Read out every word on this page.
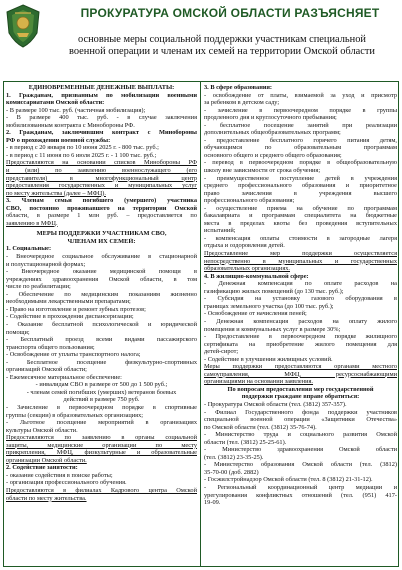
ПРОКУРАТУРА ОМСКОЙ ОБЛАСТИ РАЗЪЯСНЯЕТ
основные меры социальной поддержки участникам специальной
военной операции и членам их семей на территории Омской области
ЕДИНОВРЕМЕННЫЕ ДЕНЕЖНЫЕ ВЫПЛАТЫ:
1. Гражданам, призванным по мобилизации военными
комиссариатами Омской области:
- В размере 100 тыс. руб. (частичная мобилизация);
- В размере 400 тыс. руб. - в случае заключения
мобилизованным контракта с Минобороны РФ.
2. Гражданам, заключившим контракт с Минобороны
РФ о прохождении военной службы:
- в период с 20 января по 10 июня 2025 г. - 800 тыс. руб.;
- в период с 11 июня по 6 июля 2025 г. - 1 100 тыс. руб.;
Предоставляются на основании списков Минобороны РФ
и (или) по заявлению военнослужащего (его
представителя) в многофункциональный центр
предоставления государственных и муниципальных услуг
по месту жительства (далее – МФЦ).
3. Членам семьи погибшего (умершего) участника
СВО, постоянно проживавшего на территории Омской
области, в размере 1 млн руб. – предоставляется по
заявлению в МФЦ.
МЕРЫ ПОДДЕРЖКИ УЧАСТНИКАМ СВО,
ЧЛЕНАМ ИХ СЕМЕЙ:
1. Социальные:
- Внеочередное социальное обслуживание в стационарной
и полустационарной формах;
- Внеочередное оказание медицинской помощи в
учреждениях здравоохранения Омской области, в том
числе по реабилитации;
- Обеспечение по медицинским показаниям жизненно
необходимыми лекарственными препаратами;
- Право на изготовление и ремонт зубных протезов;
- Содействие в прохождении диспансеризации;
- Оказание бесплатной психологической и юридической
помощи;
- Бесплатный проезд всеми видами пассажирского
транспорта общего пользования;
- Освобождение от уплаты транспортного налога;
- Бесплатное посещение физкультурно-спортивных
организаций Омской области;
- Ежемесячное материальное обеспечение:
- инвалидам СВО в размере от 500 до 1 500 руб.;
- членам семей погибших (умерших) ветеранов боевых
действий в размере 750 руб.
- Зачисление в первоочередном порядке в спортивные
группы (секции) в образовательных организациях;
- Льготное посещение мероприятий в организациях
культуры Омской области.
Предоставляются по заявлению в органы социальной
защиты, медицинские организации по месту
прикрепления, МФЦ, физкультурные и образовательные
организации Омской области.
2. Содействие занятости:
- оказание содействия в поиске работы;
- организация профессионального обучения.
Предоставляются в филиалах Кадрового центра Омской
области по месту жительства.
3. В сфере образования:
- освобождение от платы, взимаемой за уход и присмотр
за ребенком в детском саду;
- зачисление в первоочередном порядке в группы
продленного дня и круглосуточного пребывания;
- бесплатное посещение занятий при реализации
дополнительных общеобразовательных программ;
- предоставление бесплатного горячего питания детям,
обучающимся по образовательным программам
основного общего и среднего общего образования;
- перевод в первоочередном порядке в общеобразовательную
школу вне зависимости от срока обучения;
- преимущественное поступление детей в учреждения
среднего профессионального образования и приоритетное
право зачисления в учреждения высшего
профессионального образования;
- осуществление приема на обучение по программам
бакалавриата и программам специалитета на бюджетные
места в пределах квоты без проведения вступительных
испытаний;
- компенсация оплаты стоимости в загородные лагеря
отдыха и оздоровления детей.
Предоставление мер поддержки осуществляется
непосредственно в муниципальных и государственных
образовательных организациях.
4. В жилищно-коммунальной сфере:
- Денежная компенсация по оплате расходов на
газификацию жилых помещений (до 130 тыс. руб.);
- Субсидия на установку газового оборудования в
границах земельного участка (до 100 тыс. руб.);
- Освобождение от начисления пеней;
- Денежная компенсация расходов на оплату жилого
помещения и коммунальных услуг в размере 30%;
- Предоставление в первоочередном порядке жилищного
сертификата на приобретение жилого помещения для
детей-сирот;
- Содействие в улучшении жилищных условий.
Меры поддержки предоставляются органами местного
самоуправления, МФЦ, ресурсоснабжающими
организациями на основании заявления.
По вопросам предоставления мер государственной
поддержки граждане вправе обратиться:
- Прокуратура Омской области (тел. (3812) 357-357).
- Филиал Государственного фонда поддержки участников
специальной военной операции «Защитники Отечества»
по Омской области (тел. (3812) 35-76-74).
- Министерство труда и социального развития Омской
области (тел. (3812) 25-25-61).
- Министерство здравоохранения Омской области
(тел. (3812) 23-35-25).
- Министерство образования Омской области (тел. (3812)
35-70-00 (доб. 2882)
- Госжилстройнадзор Омской области (тел. 8 (3812) 21-31-12).
- Региональный координационный центр медиации и
урегулирования конфликтных отношений (тел. (951) 417-
19-09.
